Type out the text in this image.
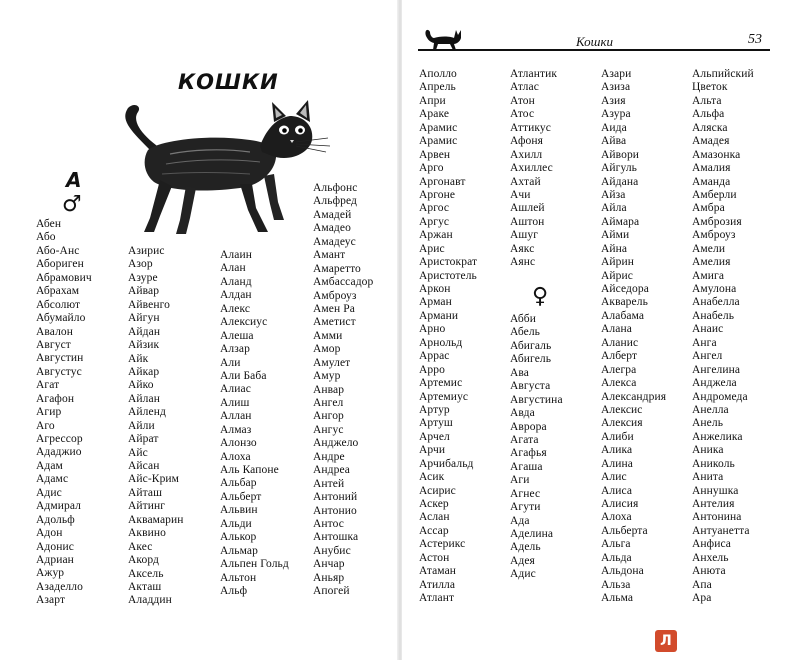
КОШКИ
А
♂
Абен
Або
Або-Анс
Абориген
Абрамович
Абрахам
Абсолют
Абумайло
Авалон
Август
Августин
Августус
Агат
Агафон
Агир
Аго
Агрессор
Ададжио
Адам
Адамс
Адис
Адмирал
Адольф
Адон
Адонис
Адриан
Ажур
Азаделло
Азарт
Азирис
Азор
Азуре
Айвар
Айвенго
Айгун
Айдан
Айзик
Айк
Айкар
Айко
Айлан
Айленд
Айли
Айрат
Айс
Айсан
Айс-Крим
Айташ
Айтинг
Аквамарин
Аквино
Акес
Акорд
Аксель
Акташ
Аладдин
Алаин
Алан
Аланд
Алдан
Алекс
Алексиус
Алеша
Алзар
Али
Али Баба
Алиас
Алиш
Аллан
Алмаз
Алонзо
Алоха
Аль Капоне
Альбар
Альберт
Альвин
Альди
Алькор
Альмар
Альпен Гольд
Альтон
Альф
Альфонс
Альфред
Амадей
Амадео
Амадеус
Амант
Амаретто
Амбассадор
Амброуз
Амен Ра
Аметист
Амми
Амор
Амулет
Амур
Анвар
Ангел
Ангор
Ангус
Анджело
Андре
Андреа
Антей
Антоний
Антонио
Антос
Антошка
Анубис
Анчар
Аньяр
Апогей
Кошки	53
Аполло
Апрель
Апри
Араке
Арамис
Арамис
Арвен
Арго
Аргонавт
Аргоне
Аргос
Аргус
Аржан
Арис
Аристократ
Аристотель
Аркон
Арман
Армани
Арно
Арнольд
Аррас
Арро
Артемис
Артемиус
Артур
Артуш
Арчел
Арчи
Арчибальд
Асик
Асирис
Аскер
Аслан
Ассар
Астерикс
Астон
Атаман
Атилла
Атлант
Атлантик
Атлас
Атон
Атос
Аттикус
Афоня
Ахилл
Ахиллес
Ахтай
Ачи
Ашлей
Аштон
Ашуг
Аякс
Аянс
♀
Абби
Абель
Абигаль
Абигель
Ава
Августа
Августина
Авда
Аврора
Агата
Агафья
Агаша
Аги
Агнес
Агути
Ада
Аделина
Адель
Адея
Адис
Азари
Азиза
Азия
Азура
Аида
Айва
Айвори
Айгуль
Айдана
Айза
Айла
Аймара
Айми
Айна
Айрин
Айрис
Айседора
Акварель
Алабама
Алана
Аланис
Алберт
Алегра
Алекса
Александрия
Алексис
Алексия
Алиби
Алика
Алина
Алис
Алиса
Алисия
Алоха
Альберта
Альга
Альда
Альдона
Альза
Альма
Альпийский
Цветок
Альта
Альфа
Аляска
Амадея
Амазонка
Амалия
Аманда
Амберли
Амбра
Амброзия
Амброуз
Амели
Амелия
Амига
Амулона
Анабелла
Анабель
Анаис
Анга
Ангел
Ангелина
Анджела
Андромеда
Анелла
Анель
Анжелика
Аника
Аниколь
Анита
Аннушка
Антелия
Антонина
Антуанетта
Анфиса
Анхель
Анюта
Апа
Ара
Л
